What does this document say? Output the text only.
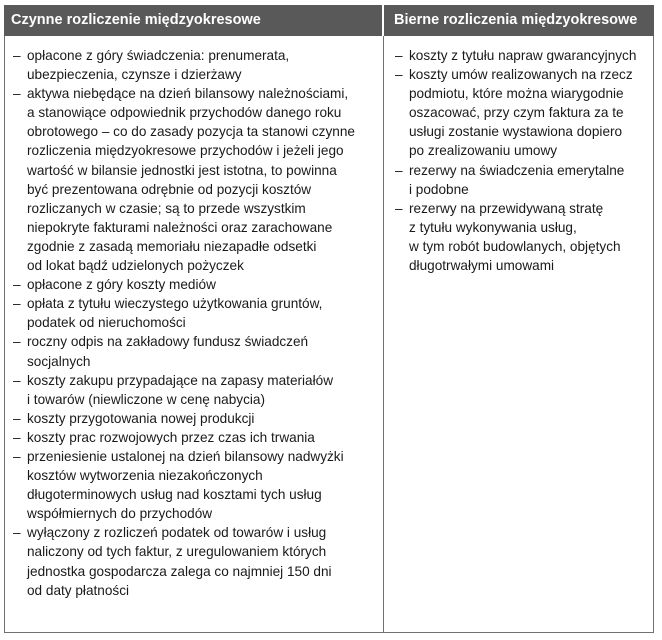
Czynne rozliczenie międzyokresowe	Bierne rozliczenia międzyokresowe
– opłacone z góry świadczenia: prenumerata,
ubezpieczenia, czynsze i dzierżawy
– aktywa niebędące na dzień bilansowy należnościami,
a stanowiące odpowiednik przychodów danego roku
obrotowego – co do zasady pozycja ta stanowi czynne
rozliczenia międzyokresowe przychodów i jeżeli jego
wartość w bilansie jednostki jest istotna, to powinna
być prezentowana odrębnie od pozycji kosztów
rozliczanych w czasie; są to przede wszystkim
niepokryte fakturami należności oraz zarachowane
zgodnie z zasadą memoriału niezapadłe odsetki
od lokat bądź udzielonych pożyczek
– opłacone z góry koszty mediów
– opłata z tytułu wieczystego użytkowania gruntów,
podatek od nieruchomości
– roczny odpis na zakładowy fundusz świadczeń
socjalnych
– koszty zakupu przypadające na zapasy materiałów
i towarów (niewliczone w cenę nabycia)
– koszty przygotowania nowej produkcji
– koszty prac rozwojowych przez czas ich trwania
– przeniesienie ustalonej na dzień bilansowy nadwyżki
kosztów wytworzenia niezakończonych
długoterminowych usług nad kosztami tych usług
współmiernych do przychodów
– wyłączony z rozliczeń podatek od towarów i usług
naliczony od tych faktur, z uregulowaniem których
jednostka gospodarcza zalega co najmniej 150 dni
od daty płatności
– koszty z tytułu napraw gwarancyjnych
– koszty umów realizowanych na rzecz
podmiotu, które można wiarygodnie
oszacować, przy czym faktura za te
usługi zostanie wystawiona dopiero
po zrealizowaniu umowy
– rezerwy na świadczenia emerytalne
i podobne
– rezerwy na przewidywaną stratę
z tytułu wykonywania usług,
w tym robót budowlanych, objętych
długotrwałymi umowami
